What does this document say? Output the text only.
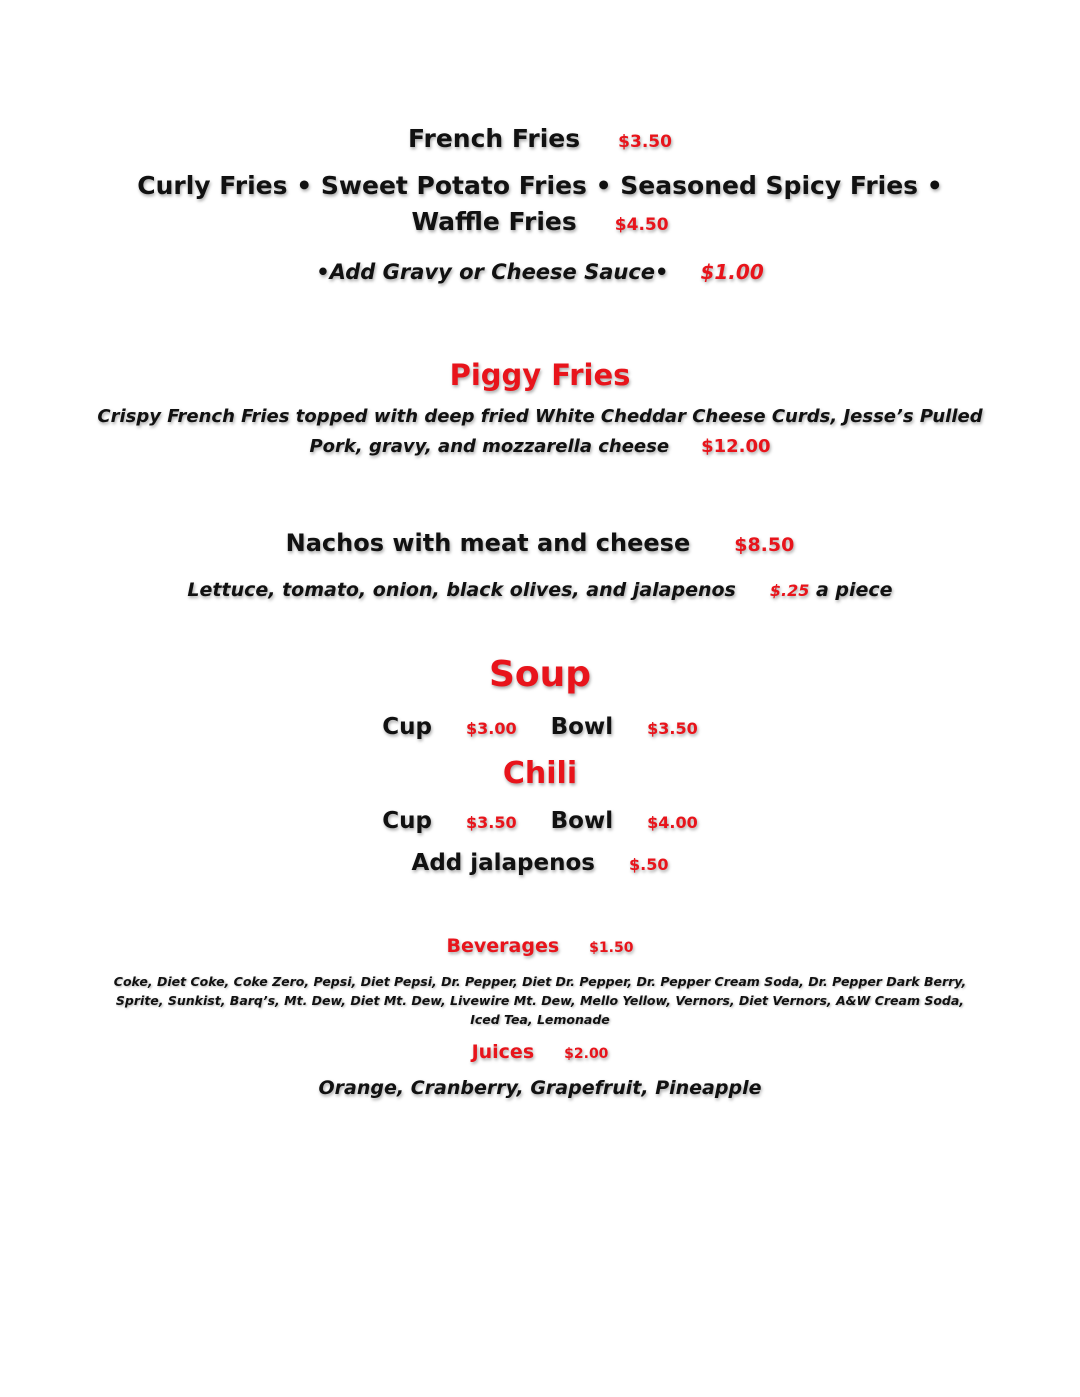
French Fries $3.50
Curly Fries • Sweet Potato Fries • Seasoned Spicy Fries •
Waffle Fries $4.50
•Add Gravy or Cheese Sauce• $1.00
Piggy Fries
Crispy French Fries topped with deep fried White Cheddar Cheese Curds, Jesse’s Pulled
Pork, gravy, and mozzarella cheese $12.00
Nachos with meat and cheese $8.50
Lettuce, tomato, onion, black olives, and jalapenos $.25 a piece
Soup
Cup $3.00 Bowl $3.50
Chili
Cup $3.50 Bowl $4.00
Add jalapenos $.50
Beverages $1.50
Coke, Diet Coke, Coke Zero, Pepsi, Diet Pepsi, Dr. Pepper, Diet Dr. Pepper, Dr. Pepper Cream Soda, Dr. Pepper Dark Berry,
Sprite, Sunkist, Barq’s, Mt. Dew, Diet Mt. Dew, Livewire Mt. Dew, Mello Yellow, Vernors, Diet Vernors, A&W Cream Soda,
Iced Tea, Lemonade
Juices $2.00
Orange, Cranberry, Grapefruit, Pineapple
